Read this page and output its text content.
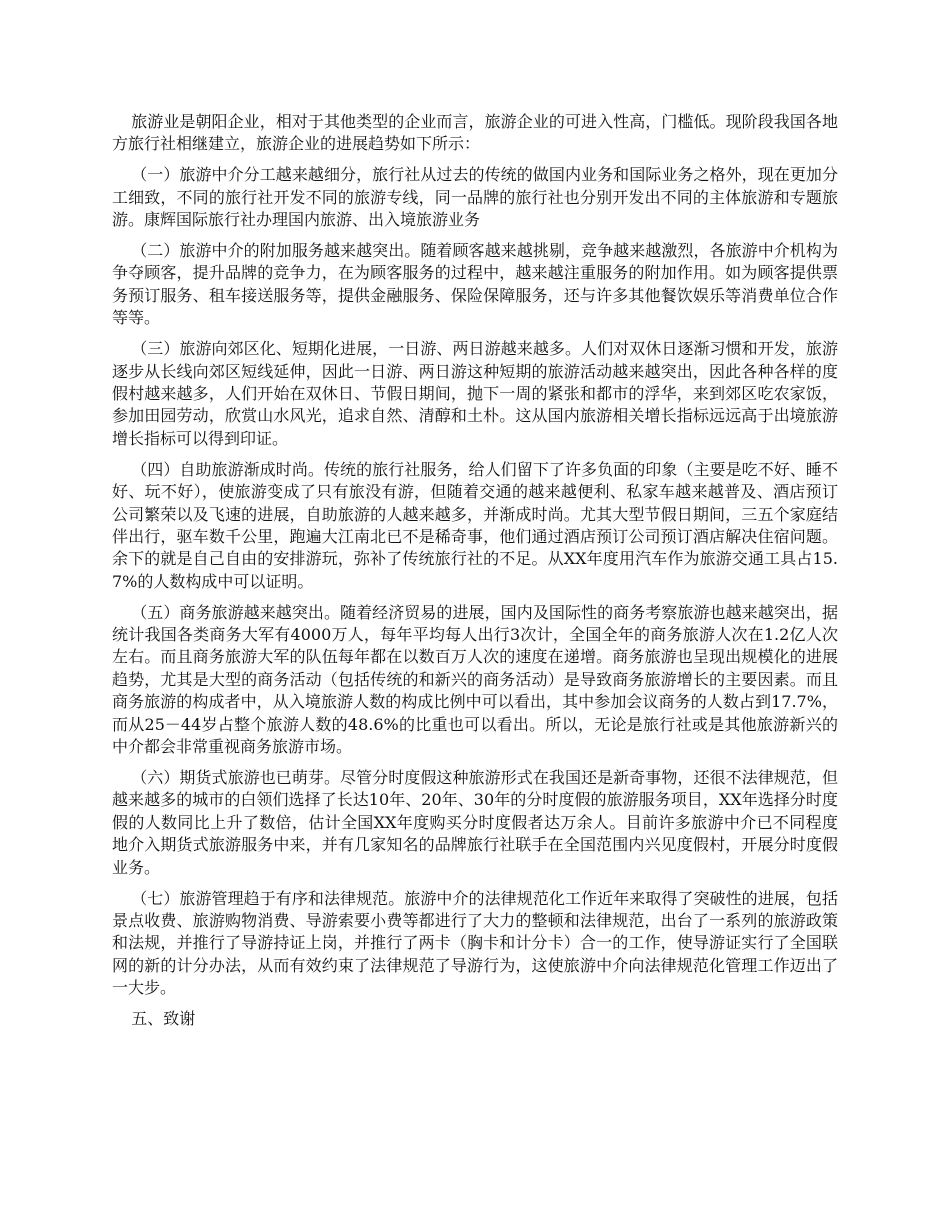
旅游业是朝阳企业，相对于其他类型的企业而言，旅游企业的可进入性高，门槛低。现阶段我国各地方旅行社相继建立，旅游企业的进展趋势如下所示：

（一）旅游中介分工越来越细分，旅行社从过去的传统的做国内业务和国际业务之格外，现在更加分工细致，不同的旅行社开发不同的旅游专线，同一品牌的旅行社也分别开发出不同的主体旅游和专题旅游。康辉国际旅行社办理国内旅游、出入境旅游业务

（二）旅游中介的附加服务越来越突出。随着顾客越来越挑剔，竞争越来越激烈，各旅游中介机构为争夺顾客，提升品牌的竞争力，在为顾客服务的过程中，越来越注重服务的附加作用。如为顾客提供票务预订服务、租车接送服务等，提供金融服务、保险保障服务，还与许多其他餐饮娱乐等消费单位合作等等。

（三）旅游向郊区化、短期化进展，一日游、两日游越来越多。人们对双休日逐渐习惯和开发，旅游逐步从长线向郊区短线延伸，因此一日游、两日游这种短期的旅游活动越来越突出，因此各种各样的度假村越来越多，人们开始在双休日、节假日期间，抛下一周的紧张和都市的浮华，来到郊区吃农家饭，参加田园劳动，欣赏山水风光，追求自然、清醇和土朴。这从国内旅游相关增长指标远远高于出境旅游增长指标可以得到印证。

（四）自助旅游渐成时尚。传统的旅行社服务，给人们留下了许多负面的印象（主要是吃不好、睡不好、玩不好），使旅游变成了只有旅没有游，但随着交通的越来越便利、私家车越来越普及、酒店预订公司繁荣以及飞速的进展，自助旅游的人越来越多，并渐成时尚。尤其大型节假日期间，三五个家庭结伴出行，驱车数千公里，跑遍大江南北已不是稀奇事，他们通过酒店预订公司预订酒店解决住宿问题。余下的就是自己自由的安排游玩，弥补了传统旅行社的不足。从XX年度用汽车作为旅游交通工具占15.7%的人数构成中可以证明。

（五）商务旅游越来越突出。随着经济贸易的进展，国内及国际性的商务考察旅游也越来越突出，据统计我国各类商务大军有4000万人，每年平均每人出行3次计，全国全年的商务旅游人次在1.2亿人次左右。而且商务旅游大军的队伍每年都在以数百万人次的速度在递增。商务旅游也呈现出规模化的进展趋势，尤其是大型的商务活动（包括传统的和新兴的商务活动）是导致商务旅游增长的主要因素。而且商务旅游的构成者中，从入境旅游人数的构成比例中可以看出，其中参加会议商务的人数占到17.7%，而从25－44岁占整个旅游人数的48.6%的比重也可以看出。所以，无论是旅行社或是其他旅游新兴的中介都会非常重视商务旅游市场。

（六）期货式旅游也已萌芽。尽管分时度假这种旅游形式在我国还是新奇事物，还很不法律规范，但越来越多的城市的白领们选择了长达10年、20年、30年的分时度假的旅游服务项目，XX年选择分时度假的人数同比上升了数倍，估计全国XX年度购买分时度假者达万余人。目前许多旅游中介已不同程度地介入期货式旅游服务中来，并有几家知名的品牌旅行社联手在全国范围内兴见度假村，开展分时度假业务。

（七）旅游管理趋于有序和法律规范。旅游中介的法律规范化工作近年来取得了突破性的进展，包括景点收费、旅游购物消费、导游索要小费等都进行了大力的整顿和法律规范，出台了一系列的旅游政策和法规，并推行了导游持证上岗，并推行了两卡（胸卡和计分卡）合一的工作，使导游证实行了全国联网的新的计分办法，从而有效约束了法律规范了导游行为，这使旅游中介向法律规范化管理工作迈出了一大步。

五、致谢
